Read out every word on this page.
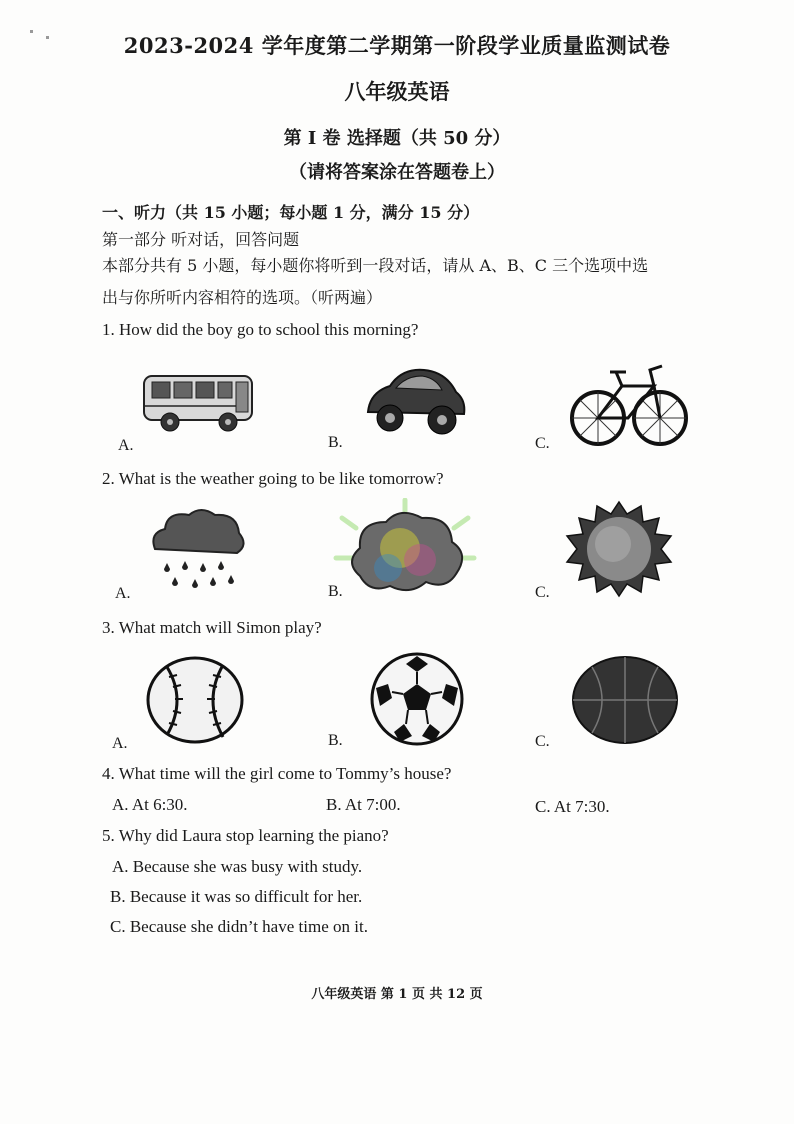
2023-2024 学年度第二学期第一阶段学业质量监测试卷
八年级英语
第 I 卷 选择题（共 50 分）
（请将答案涂在答题卷上）
一、听力（共 15 小题；每小题 1 分，满分 15 分）
第一部分 听对话，回答问题
本部分共有 5 小题，每小题你将听到一段对话，请从 A、B、C 三个选项中选
出与你所听内容相符的选项。（听两遍）
1. How did the boy go to school this morning?
A.	B.	C.
2. What is the weather going to be like tomorrow?
A.	B.	C.
3. What match will Simon play?
A.	B.	C.
4. What time will the girl come to Tommy’s house?
A. At 6:30.	B. At 7:00.	C. At 7:30.
5. Why did Laura stop learning the piano?
A. Because she was busy with study.
B. Because it was so difficult for her.
C. Because she didn’t have time on it.
八年级英语 第 1 页 共 12 页
